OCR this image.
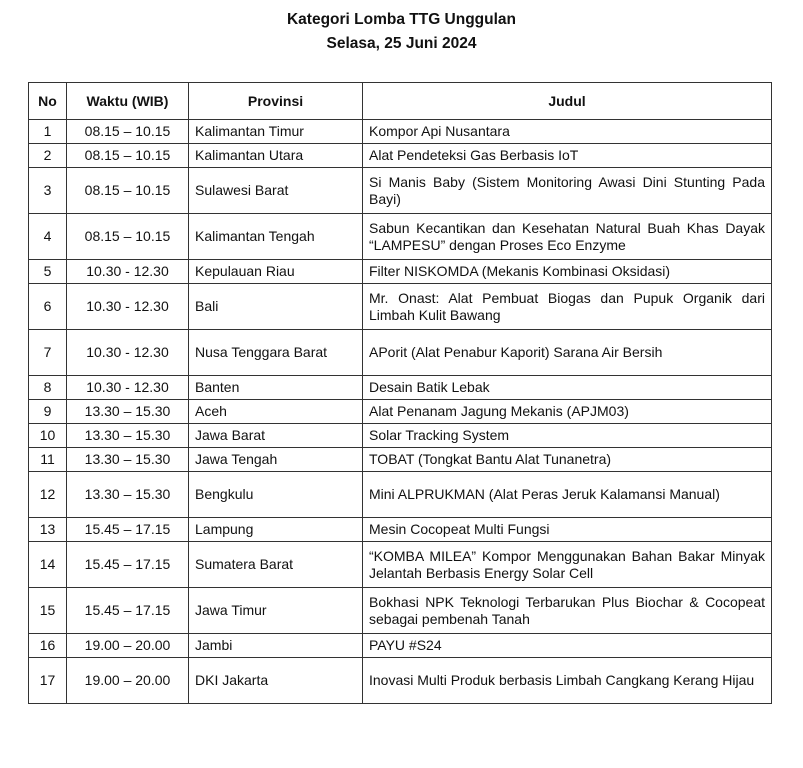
Kategori Lomba TTG Unggulan
Selasa, 25 Juni 2024
No	Waktu (WIB)	Provinsi	Judul
1	08.15 – 10.15	Kalimantan Timur	Kompor Api Nusantara
2	08.15 – 10.15	Kalimantan Utara	Alat Pendeteksi Gas Berbasis IoT
3	08.15 – 10.15	Sulawesi Barat	Si Manis Baby (Sistem Monitoring Awasi Dini Stunting Pada Bayi)
4	08.15 – 10.15	Kalimantan Tengah	Sabun Kecantikan dan Kesehatan Natural Buah Khas Dayak “LAMPESU” dengan Proses Eco Enzyme
5	10.30 - 12.30	Kepulauan Riau	Filter NISKOMDA (Mekanis Kombinasi Oksidasi)
6	10.30 - 12.30	Bali	Mr. Onast: Alat Pembuat Biogas dan Pupuk Organik dari Limbah Kulit Bawang
7	10.30 - 12.30	Nusa Tenggara Barat	APorit (Alat Penabur Kaporit) Sarana Air Bersih
8	10.30 - 12.30	Banten	Desain Batik Lebak
9	13.30 – 15.30	Aceh	Alat Penanam Jagung Mekanis (APJM03)
10	13.30 – 15.30	Jawa Barat	Solar Tracking System
11	13.30 – 15.30	Jawa Tengah	TOBAT (Tongkat Bantu Alat Tunanetra)
12	13.30 – 15.30	Bengkulu	Mini ALPRUKMAN (Alat Peras Jeruk Kalamansi Manual)
13	15.45 – 17.15	Lampung	Mesin Cocopeat Multi Fungsi
14	15.45 – 17.15	Sumatera Barat	“KOMBA MILEA” Kompor Menggunakan Bahan Bakar Minyak Jelantah Berbasis Energy Solar Cell
15	15.45 – 17.15	Jawa Timur	Bokhasi NPK Teknologi Terbarukan Plus Biochar & Cocopeat sebagai pembenah Tanah
16	19.00 – 20.00	Jambi	PAYU #S24
17	19.00 – 20.00	DKI Jakarta	Inovasi Multi Produk berbasis Limbah Cangkang Kerang Hijau
